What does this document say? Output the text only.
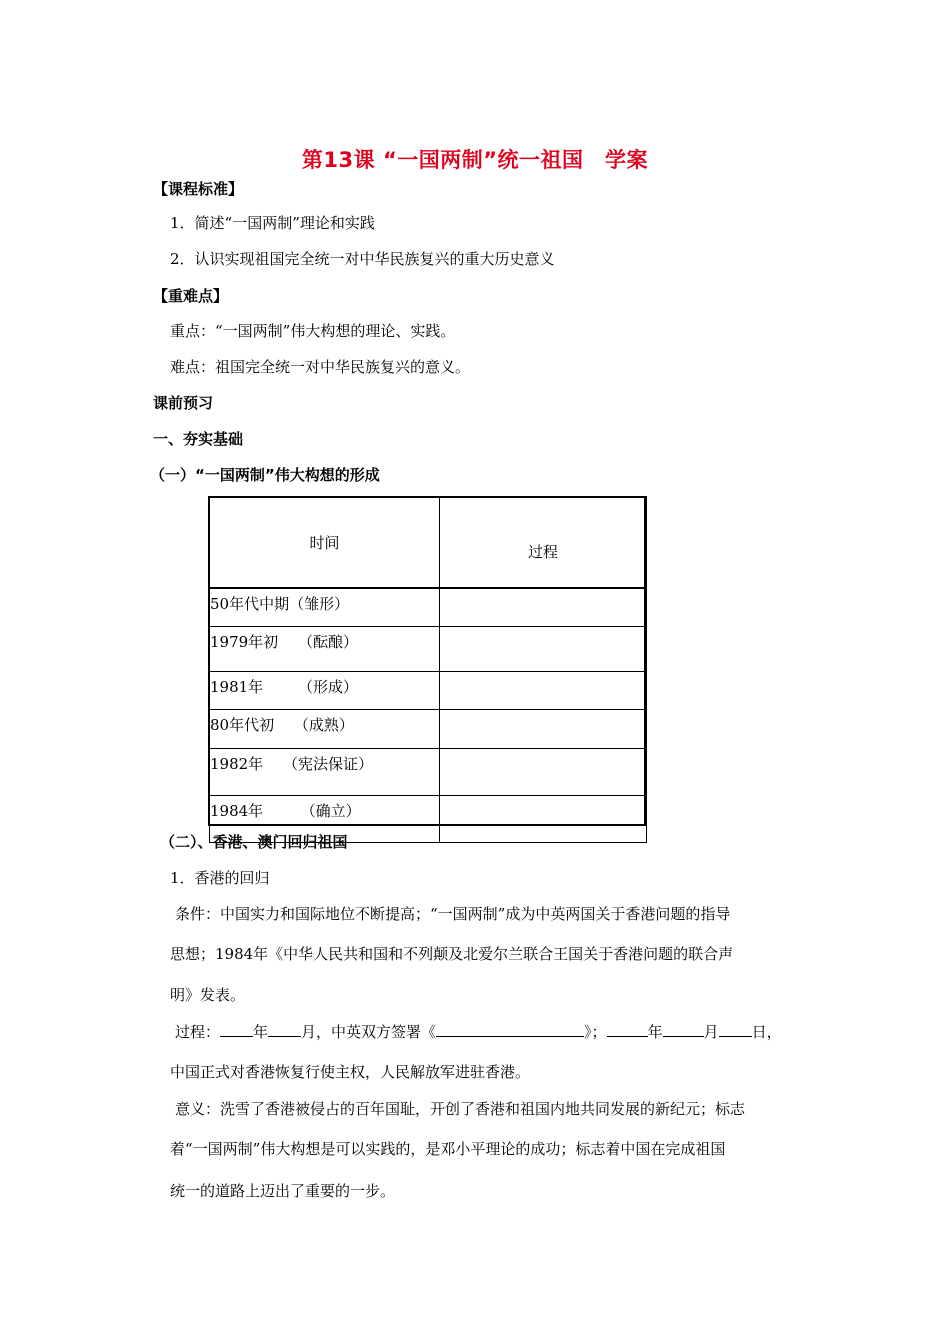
第13课 “一国两制”统一祖国　学案
【课程标准】
1．简述“一国两制”理论和实践
2．认识实现祖国完全统一对中华民族复兴的重大历史意义
【重难点】
重点：“一国两制”伟大构想的理论、实践。
难点：祖国完全统一对中华民族复兴的意义。
课前预习
一、夯实基础
（一）“一国两制”伟大构想的形成
时间	过程

50年代中期（雏形）	

1979年初　 （酝酿）	

1981年　　 （形成）	

80年代初　 （成熟）	

1982年　 （宪法保证）	

1984年　　　（确立）	

（二）、香港、澳门回归祖国
1．香港的回归
条件：中国实力和国际地位不断提高；“一国两制”成为中英两国关于香港问题的指导
思想；1984年《中华人民共和国和不列颠及北爱尔兰联合王国关于香港问题的联合声
明》发表。
过程： 年 月，中英双方签署《	》；	年	月 日，
中国正式对香港恢复行使主权，人民解放军进驻香港。
意义：洗雪了香港被侵占的百年国耻，开创了香港和祖国内地共同发展的新纪元；标志
着“一国两制”伟大构想是可以实践的，是邓小平理论的成功；标志着中国在完成祖国
统一的道路上迈出了重要的一步。
